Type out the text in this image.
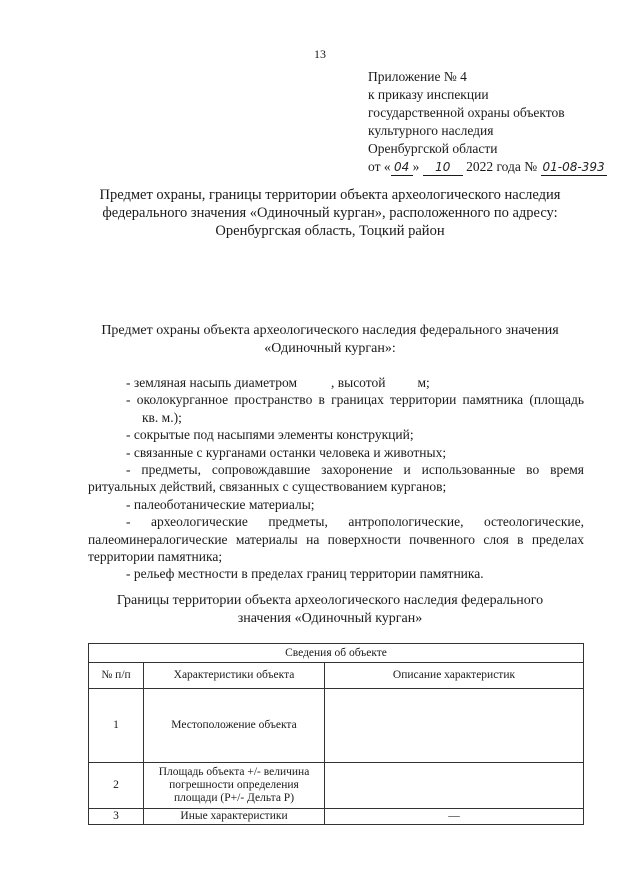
13
Приложение № 4
к приказу инспекции
государственной охраны объектов
культурного наследия
Оренбургской области
от « 04 » 10 2022 года № 01-08-393
Предмет охраны, границы территории объекта археологического наследия
федерального значения «Одиночный курган», расположенного по адресу:
Оренбургская область, Тоцкий район
Предмет охраны объекта археологического наследия федерального значения
«Одиночный курган»:

- земляная насыпь диаметром	, высотой м;

- околокурганное пространство в границах территории памятника (площадькв. м.);

- сокрытые под насыпями элементы конструкций;

- связанные с курганами останки человека и животных;

- предметы, сопровождавшие захоронение и использованные во время ритуальных действий, связанных с существованием курганов;

- палеоботанические материалы;

- археологические предметы, антропологические, остеологические, палеоминералогические материалы на поверхности почвенного слоя в пределах территории памятника;

- рельеф местности в пределах границ территории памятника.

Границы территории объекта археологического наследия федерального
значения «Одиночный курган»
Сведения об объекте		
№ п/п	Характеристики объекта	Описание характеристик
1	Местоположение объекта	
2	Площадь объекта +/- величина погрешности определения площади (Р+/- Дельта Р)	
3	Иные характеристики	—
